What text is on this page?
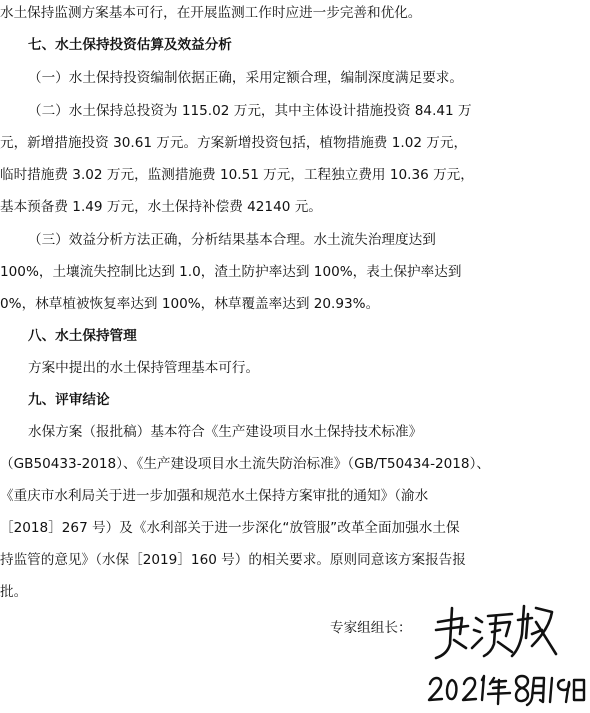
水土保持监测方案基本可行，在开展监测工作时应进一步完善和优化。
七、水土保持投资估算及效益分析
（一）水土保持投资编制依据正确，采用定额合理，编制深度满足要求。
（二）水土保持总投资为 115.02 万元，其中主体设计措施投资 84.41 万
元，新增措施投资 30.61 万元。方案新增投资包括，植物措施费 1.02 万元，
临时措施费 3.02 万元，监测措施费 10.51 万元，工程独立费用 10.36 万元，
基本预备费 1.49 万元，水土保持补偿费 42140 元。
（三）效益分析方法正确，分析结果基本合理。水土流失治理度达到
100%，土壤流失控制比达到 1.0，渣土防护率达到 100%，表土保护率达到
0%，林草植被恢复率达到 100%，林草覆盖率达到 20.93%。
八、水土保持管理
方案中提出的水土保持管理基本可行。
九、评审结论
水保方案（报批稿）基本符合《生产建设项目水土保持技术标准》
（GB50433-2018）、《生产建设项目水土流失防治标准》（GB/T50434-2018）、
《重庆市水利局关于进一步加强和规范水土保持方案审批的通知》（渝水
［2018］267 号）及《水利部关于进一步深化“放管服”改革全面加强水土保
持监管的意见》（水保［2019］160 号）的相关要求。原则同意该方案报告报
批。
专家组组长：
